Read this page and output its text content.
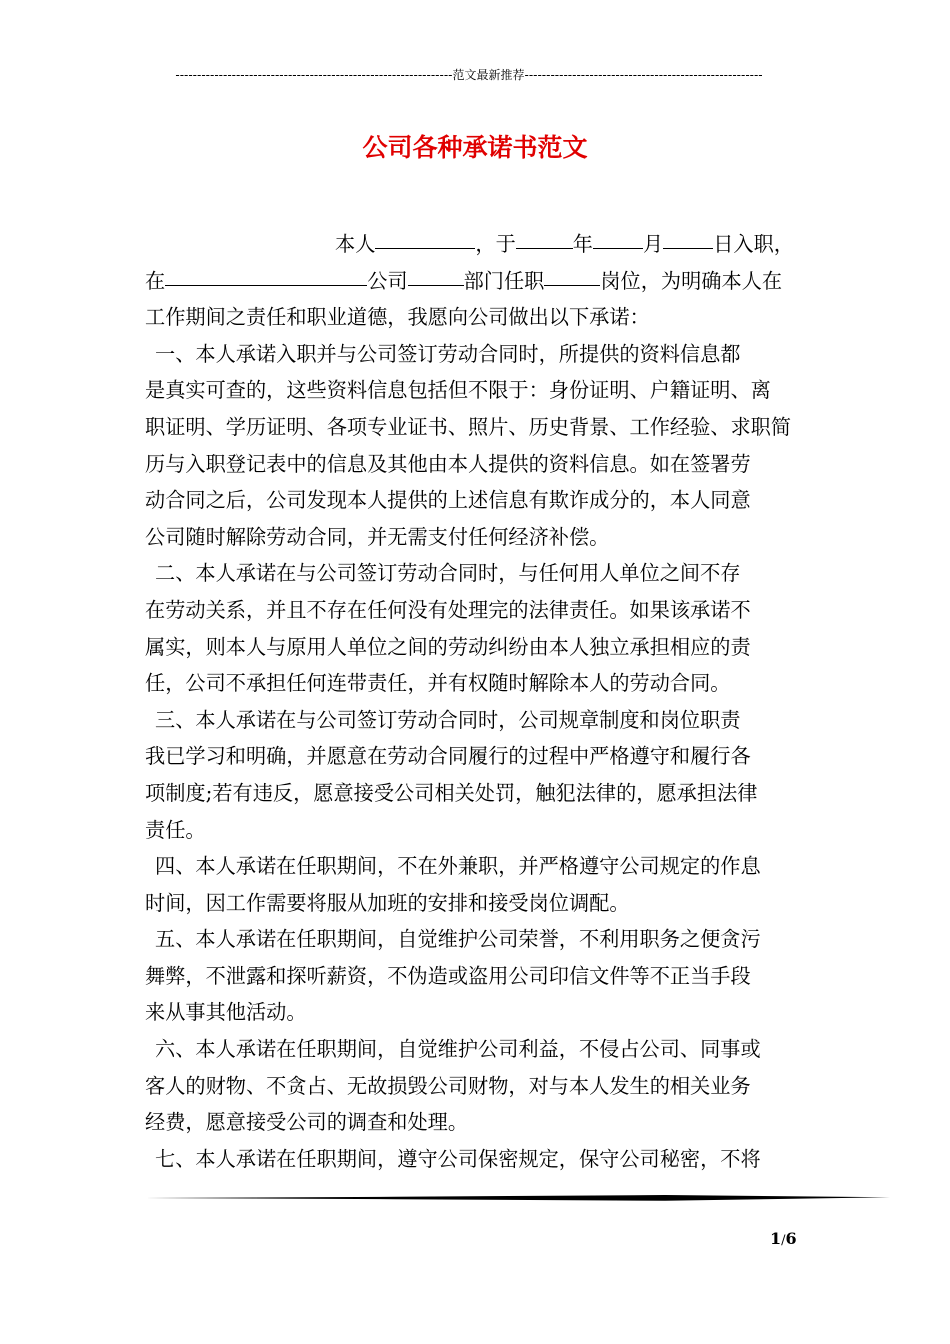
----------------------------------------------------------------范文最新推荐-------------------------------------------------------
公司各种承诺书范文
本人	，于	年 月 日入职，
在	公司	部门任职	岗位，为明确本人在
工作期间之责任和职业道德，我愿向公司做出以下承诺：
一、本人承诺入职并与公司签订劳动合同时，所提供的资料信息都
是真实可查的，这些资料信息包括但不限于：身份证明、户籍证明、离
职证明、学历证明、各项专业证书、照片、历史背景、工作经验、求职简
历与入职登记表中的信息及其他由本人提供的资料信息。如在签署劳
动合同之后，公司发现本人提供的上述信息有欺诈成分的，本人同意
公司随时解除劳动合同，并无需支付任何经济补偿。
二、本人承诺在与公司签订劳动合同时，与任何用人单位之间不存
在劳动关系，并且不存在任何没有处理完的法律责任。如果该承诺不
属实，则本人与原用人单位之间的劳动纠纷由本人独立承担相应的责
任，公司不承担任何连带责任，并有权随时解除本人的劳动合同。
三、本人承诺在与公司签订劳动合同时，公司规章制度和岗位职责
我已学习和明确，并愿意在劳动合同履行的过程中严格遵守和履行各
项制度;若有违反，愿意接受公司相关处罚，触犯法律的，愿承担法律
责任。
四、本人承诺在任职期间，不在外兼职，并严格遵守公司规定的作息
时间，因工作需要将服从加班的安排和接受岗位调配。
五、本人承诺在任职期间，自觉维护公司荣誉，不利用职务之便贪污
舞弊，不泄露和探听薪资，不伪造或盗用公司印信文件等不正当手段
来从事其他活动。
六、本人承诺在任职期间，自觉维护公司利益，不侵占公司、同事或
客人的财物、不贪占、无故损毁公司财物，对与本人发生的相关业务
经费，愿意接受公司的调查和处理。
七、本人承诺在任职期间，遵守公司保密规定，保守公司秘密，不将
1/6
